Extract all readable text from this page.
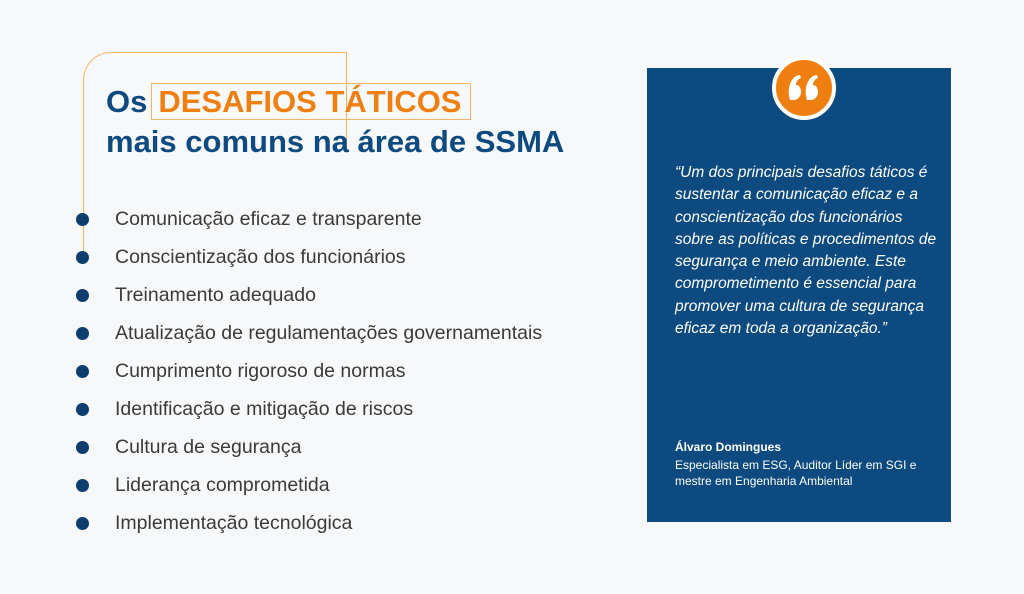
Os DESAFIOS TÁTICOS
mais comuns na área de SSMA
Comunicação eficaz e transparente
Conscientização dos funcionários
Treinamento adequado
Atualização de regulamentações governamentais
Cumprimento rigoroso de normas
Identificação e mitigação de riscos
Cultura de segurança
Liderança comprometida
Implementação tecnológica
“Um dos principais desafios táticos é sustentar a comunicação eficaz e a conscientização dos funcionários sobre as políticas e procedimentos de segurança e meio ambiente. Este comprometimento é essencial para promover uma cultura de segurança eficaz em toda a organização.”
Álvaro Domingues
Especialista em ESG, Auditor Líder em SGI e mestre em Engenharia Ambiental
